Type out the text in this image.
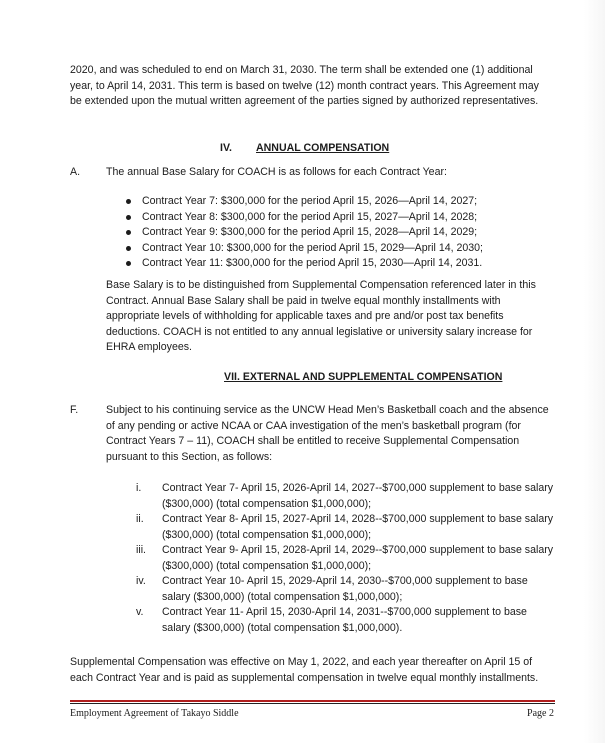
2020, and was scheduled to end on March 31, 2030. The term shall be extended one (1) additional year, to April 14, 2031. This term is based on twelve (12) month contract years. This Agreement may be extended upon the mutual written agreement of the parties signed by authorized representatives.

IV. ANNUAL COMPENSATION
A. The annual Base Salary for COACH is as follows for each Contract Year:
Contract Year 7: $300,000 for the period April 15, 2026—April 14, 2027;
Contract Year 8: $300,000 for the period April 15, 2027—April 14, 2028;
Contract Year 9: $300,000 for the period April 15, 2028—April 14, 2029;
Contract Year 10: $300,000 for the period April 15, 2029—April 14, 2030;
Contract Year 11: $300,000 for the period April 15, 2030—April 14, 2031.

Base Salary is to be distinguished from Supplemental Compensation referenced later in this Contract. Annual Base Salary shall be paid in twelve equal monthly installments with appropriate levels of withholding for applicable taxes and pre and/or post tax benefits deductions. COACH is not entitled to any annual legislative or university salary increase for EHRA employees.

VII. EXTERNAL AND SUPPLEMENTAL COMPENSATION
F.	Subject to his continuing service as the UNCW Head Men’s Basketball coach and the absence of any pending or active NCAA or CAA investigation of the men’s basketball program (for Contract Years 7 – 11), COACH shall be entitled to receive Supplemental Compensation pursuant to this Section, as follows:

i. Contract Year 7- April 15, 2026-April 14, 2027--$700,000 supplement to base salary ($300,000) (total compensation $1,000,000);
ii. Contract Year 8- April 15, 2027-April 14, 2028--$700,000 supplement to base salary ($300,000) (total compensation $1,000,000);
iii. Contract Year 9- April 15, 2028-April 14, 2029--$700,000 supplement to base salary ($300,000) (total compensation $1,000,000);
iv. Contract Year 10- April 15, 2029-April 14, 2030--$700,000 supplement to base salary ($300,000) (total compensation $1,000,000);
v. Contract Year 11- April 15, 2030-April 14, 2031--$700,000 supplement to base salary ($300,000) (total compensation $1,000,000).

Supplemental Compensation was effective on May 1, 2022, and each year thereafter on April 15 of each Contract Year and is paid as supplemental compensation in twelve equal monthly installments.

Employment Agreement of Takayo Siddle	Page 2
